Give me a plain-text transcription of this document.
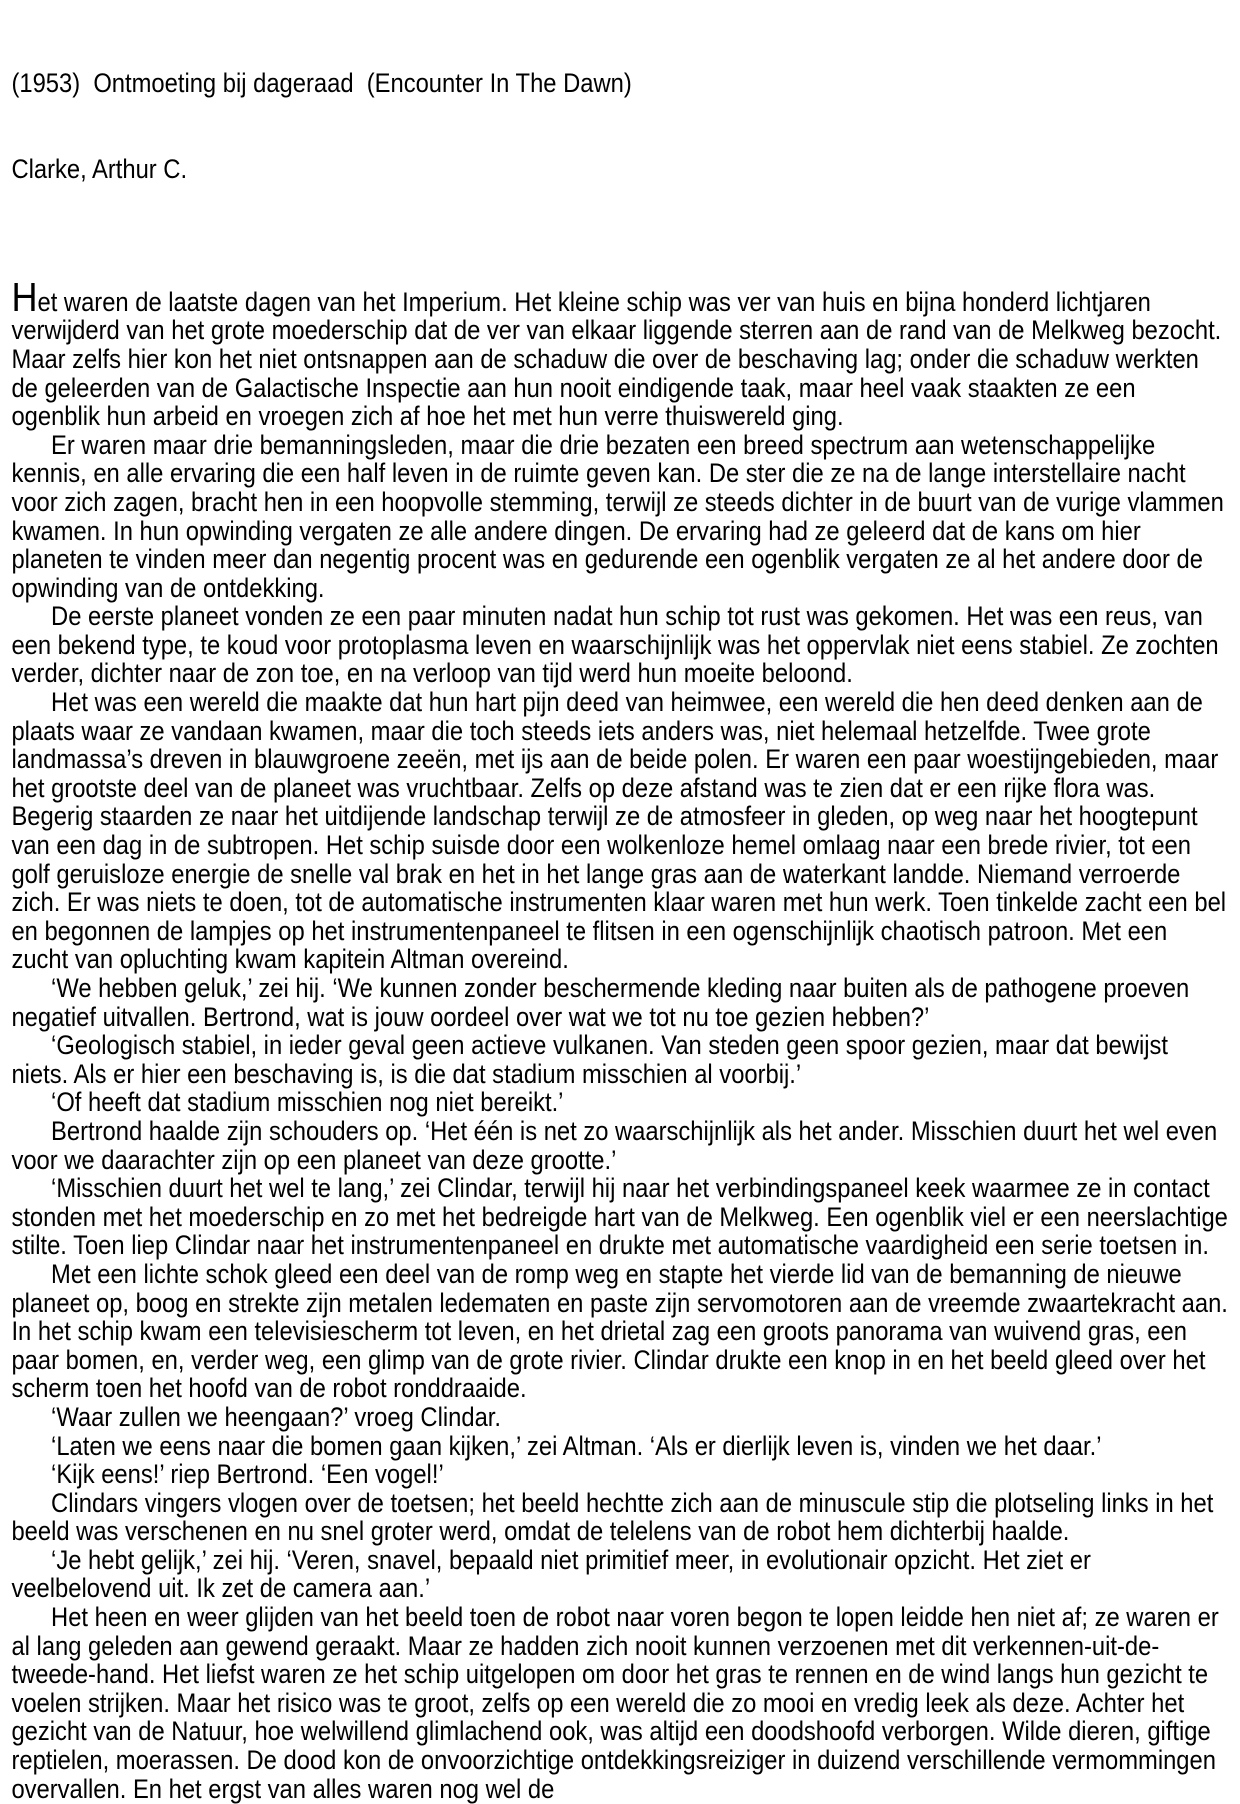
(1953)  Ontmoeting bij dageraad  (Encounter In The Dawn)

Clarke, Arthur C.

Het waren de laatste dagen van het Imperium. Het kleine schip was ver van huis en bijna honderd lichtjaren verwijderd van het grote moederschip dat de ver van elkaar liggende sterren aan de rand van de Melkweg bezocht. Maar zelfs hier kon het niet ontsnappen aan de schaduw die over de beschaving lag; onder die schaduw werkten de geleerden van de Galactische Inspectie aan hun nooit eindigende taak, maar heel vaak staakten ze een ogenblik hun arbeid en vroegen zich af hoe het met hun verre thuiswereld ging.

Er waren maar drie bemanningsleden, maar die drie bezaten een breed spectrum aan wetenschappelijke kennis, en alle ervaring die een half leven in de ruimte geven kan. De ster die ze na de lange interstellaire nacht voor zich zagen, bracht hen in een hoopvolle stemming, terwijl ze steeds dichter in de buurt van de vurige vlammen kwamen. In hun opwinding vergaten ze alle andere dingen. De ervaring had ze geleerd dat de kans om hier planeten te vinden meer dan negentig procent was en gedurende een ogenblik vergaten ze al het andere door de opwinding van de ontdekking.

De eerste planeet vonden ze een paar minuten nadat hun schip tot rust was gekomen. Het was een reus, van een bekend type, te koud voor protoplasma leven en waarschijnlijk was het oppervlak niet eens stabiel. Ze zochten verder, dichter naar de zon toe, en na verloop van tijd werd hun moeite beloond.

Het was een wereld die maakte dat hun hart pijn deed van heimwee, een wereld die hen deed denken aan de plaats waar ze vandaan kwamen, maar die toch steeds iets anders was, niet helemaal hetzelfde. Twee grote landmassa’s dreven in blauwgroene zeeën, met ijs aan de beide polen. Er waren een paar woestijngebieden, maar het grootste deel van de planeet was vruchtbaar. Zelfs op deze afstand was te zien dat er een rijke flora was. Begerig staarden ze naar het uitdijende landschap terwijl ze de atmosfeer in gleden, op weg naar het hoogtepunt van een dag in de subtropen. Het schip suisde door een wolkenloze hemel omlaag naar een brede rivier, tot een golf geruisloze energie de snelle val brak en het in het lange gras aan de waterkant landde. Niemand verroerde zich. Er was niets te doen, tot de automatische instrumenten klaar waren met hun werk. Toen tinkelde zacht een bel en begonnen de lampjes op het instrumentenpaneel te flitsen in een ogenschijnlijk chaotisch patroon. Met een zucht van opluchting kwam kapitein Altman overeind.

‘We hebben geluk,’ zei hij. ‘We kunnen zonder beschermende kleding naar buiten als de pathogene proeven negatief uitvallen. Bertrond, wat is jouw oordeel over wat we tot nu toe gezien hebben?’

‘Geologisch stabiel, in ieder geval geen actieve vulkanen. Van steden geen spoor gezien, maar dat bewijst niets. Als er hier een beschaving is, is die dat stadium misschien al voorbij.’

‘Of heeft dat stadium misschien nog niet bereikt.’

Bertrond haalde zijn schouders op. ‘Het één is net zo waarschijnlijk als het ander. Misschien duurt het wel even voor we daarachter zijn op een planeet van deze grootte.’

‘Misschien duurt het wel te lang,’ zei Clindar, terwijl hij naar het verbindingspaneel keek waarmee ze in contact stonden met het moederschip en zo met het bedreigde hart van de Melkweg. Een ogenblik viel er een neerslachtige stilte. Toen liep Clindar naar het instrumentenpaneel en drukte met automatische vaardigheid een serie toetsen in.

Met een lichte schok gleed een deel van de romp weg en stapte het vierde lid van de bemanning de nieuwe planeet op, boog en strekte zijn metalen ledematen en paste zijn servomotoren aan de vreemde zwaartekracht aan. In het schip kwam een televisiescherm tot leven, en het drietal zag een groots panorama van wuivend gras, een paar bomen, en, verder weg, een glimp van de grote rivier. Clindar drukte een knop in en het beeld gleed over het scherm toen het hoofd van de robot ronddraaide.

‘Waar zullen we heengaan?’ vroeg Clindar.

‘Laten we eens naar die bomen gaan kijken,’ zei Altman. ‘Als er dierlijk leven is, vinden we het daar.’

‘Kijk eens!’ riep Bertrond. ‘Een vogel!’

Clindars vingers vlogen over de toetsen; het beeld hechtte zich aan de minuscule stip die plotseling links in het beeld was verschenen en nu snel groter werd, omdat de telelens van de robot hem dichterbij haalde.

‘Je hebt gelijk,’ zei hij. ‘Veren, snavel, bepaald niet primitief meer, in evolutionair opzicht. Het ziet er veelbelovend uit. Ik zet de camera aan.’

Het heen en weer glijden van het beeld toen de robot naar voren begon te lopen leidde hen niet af; ze waren er al lang geleden aan gewend geraakt. Maar ze hadden zich nooit kunnen verzoenen met dit verkennen-uit-de-tweede-hand. Het liefst waren ze het schip uitgelopen om door het gras te rennen en de wind langs hun gezicht te voelen strijken. Maar het risico was te groot, zelfs op een wereld die zo mooi en vredig leek als deze. Achter het gezicht van de Natuur, hoe welwillend glimlachend ook, was altijd een doodshoofd verborgen. Wilde dieren, giftige reptielen, moerassen. De dood kon de onvoorzichtige ontdekkingsreiziger in duizend verschillende vermommingen overvallen. En het ergst van alles waren nog wel de
